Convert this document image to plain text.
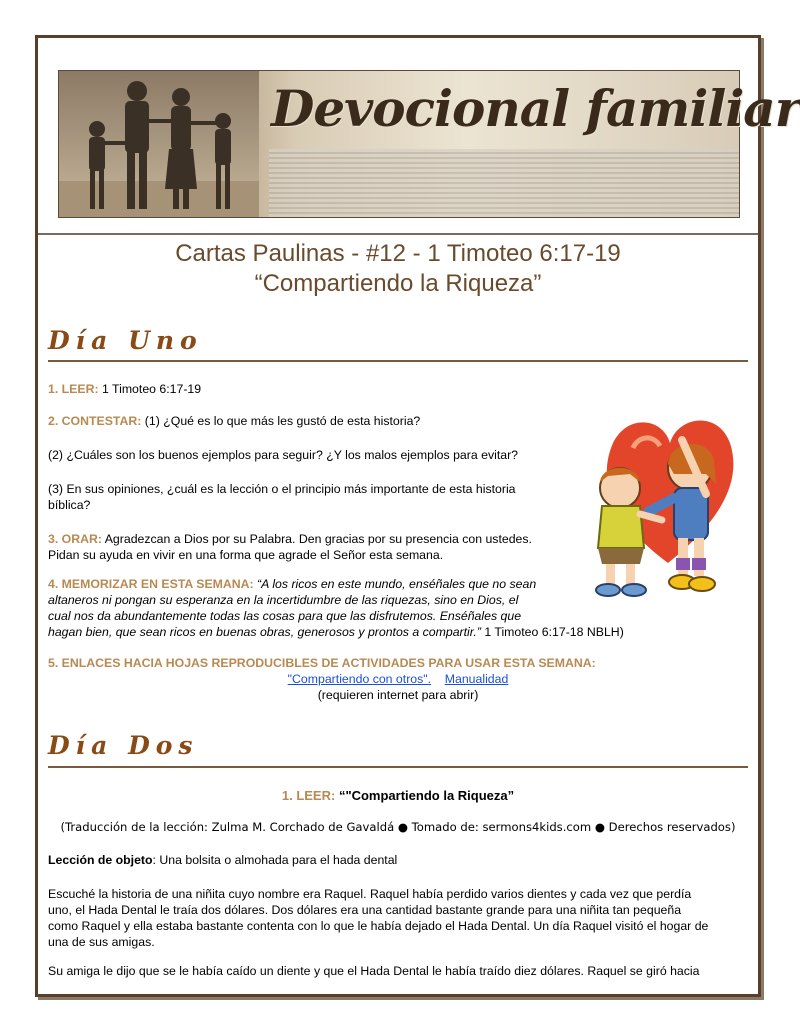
Devocional familiar
Cartas Paulinas - #12 - 1 Timoteo 6:17-19
“Compartiendo la Riqueza”
Día Uno
1. LEER: 1 Timoteo 6:17-19
2. CONTESTAR: (1) ¿Qué es lo que más les gustó de esta historia?
(2) ¿Cuáles son los buenos ejemplos para seguir? ¿Y los malos ejemplos para evitar?
(3) En sus opiniones, ¿cuál es la lección o el principio más importante de esta historia
bíblica?
3. ORAR: Agradezcan a Dios por su Palabra. Den gracias por su presencia con ustedes.
Pidan su ayuda en vivir en una forma que agrade el Señor esta semana.
4. MEMORIZAR EN ESTA SEMANA: “A los ricos en este mundo, enséñales que no sean
altaneros ni pongan su esperanza en la incertidumbre de las riquezas, sino en Dios, el
cual nos da abundantemente todas las cosas para que las disfrutemos. Enséñales que
hagan bien, que sean ricos en buenas obras, generosos y prontos a compartir.” 1 Timoteo 6:17-18 NBLH)
5. ENLACES HACIA HOJAS REPRODUCIBLES DE ACTIVIDADES PARA USAR ESTA SEMANA:
"Compartiendo con otros". Manualidad
(requieren internet para abrir)
Día Dos
1. LEER: “"Compartiendo la Riqueza”
(Traducción de la lección: Zulma M. Corchado de Gavaldá ● Tomado de: sermons4kids.com ● Derechos reservados)
Lección de objeto: Una bolsita o almohada para el hada dental
Escuché la historia de una niñita cuyo nombre era Raquel. Raquel había perdido varios dientes y cada vez que perdía
uno, el Hada Dental le traía dos dólares. Dos dólares era una cantidad bastante grande para una niñita tan pequeña
como Raquel y ella estaba bastante contenta con lo que le había dejado el Hada Dental. Un día Raquel visitó el hogar de
una de sus amigas.
Su amiga le dijo que se le había caído un diente y que el Hada Dental le había traído diez dólares. Raquel se giró hacia
